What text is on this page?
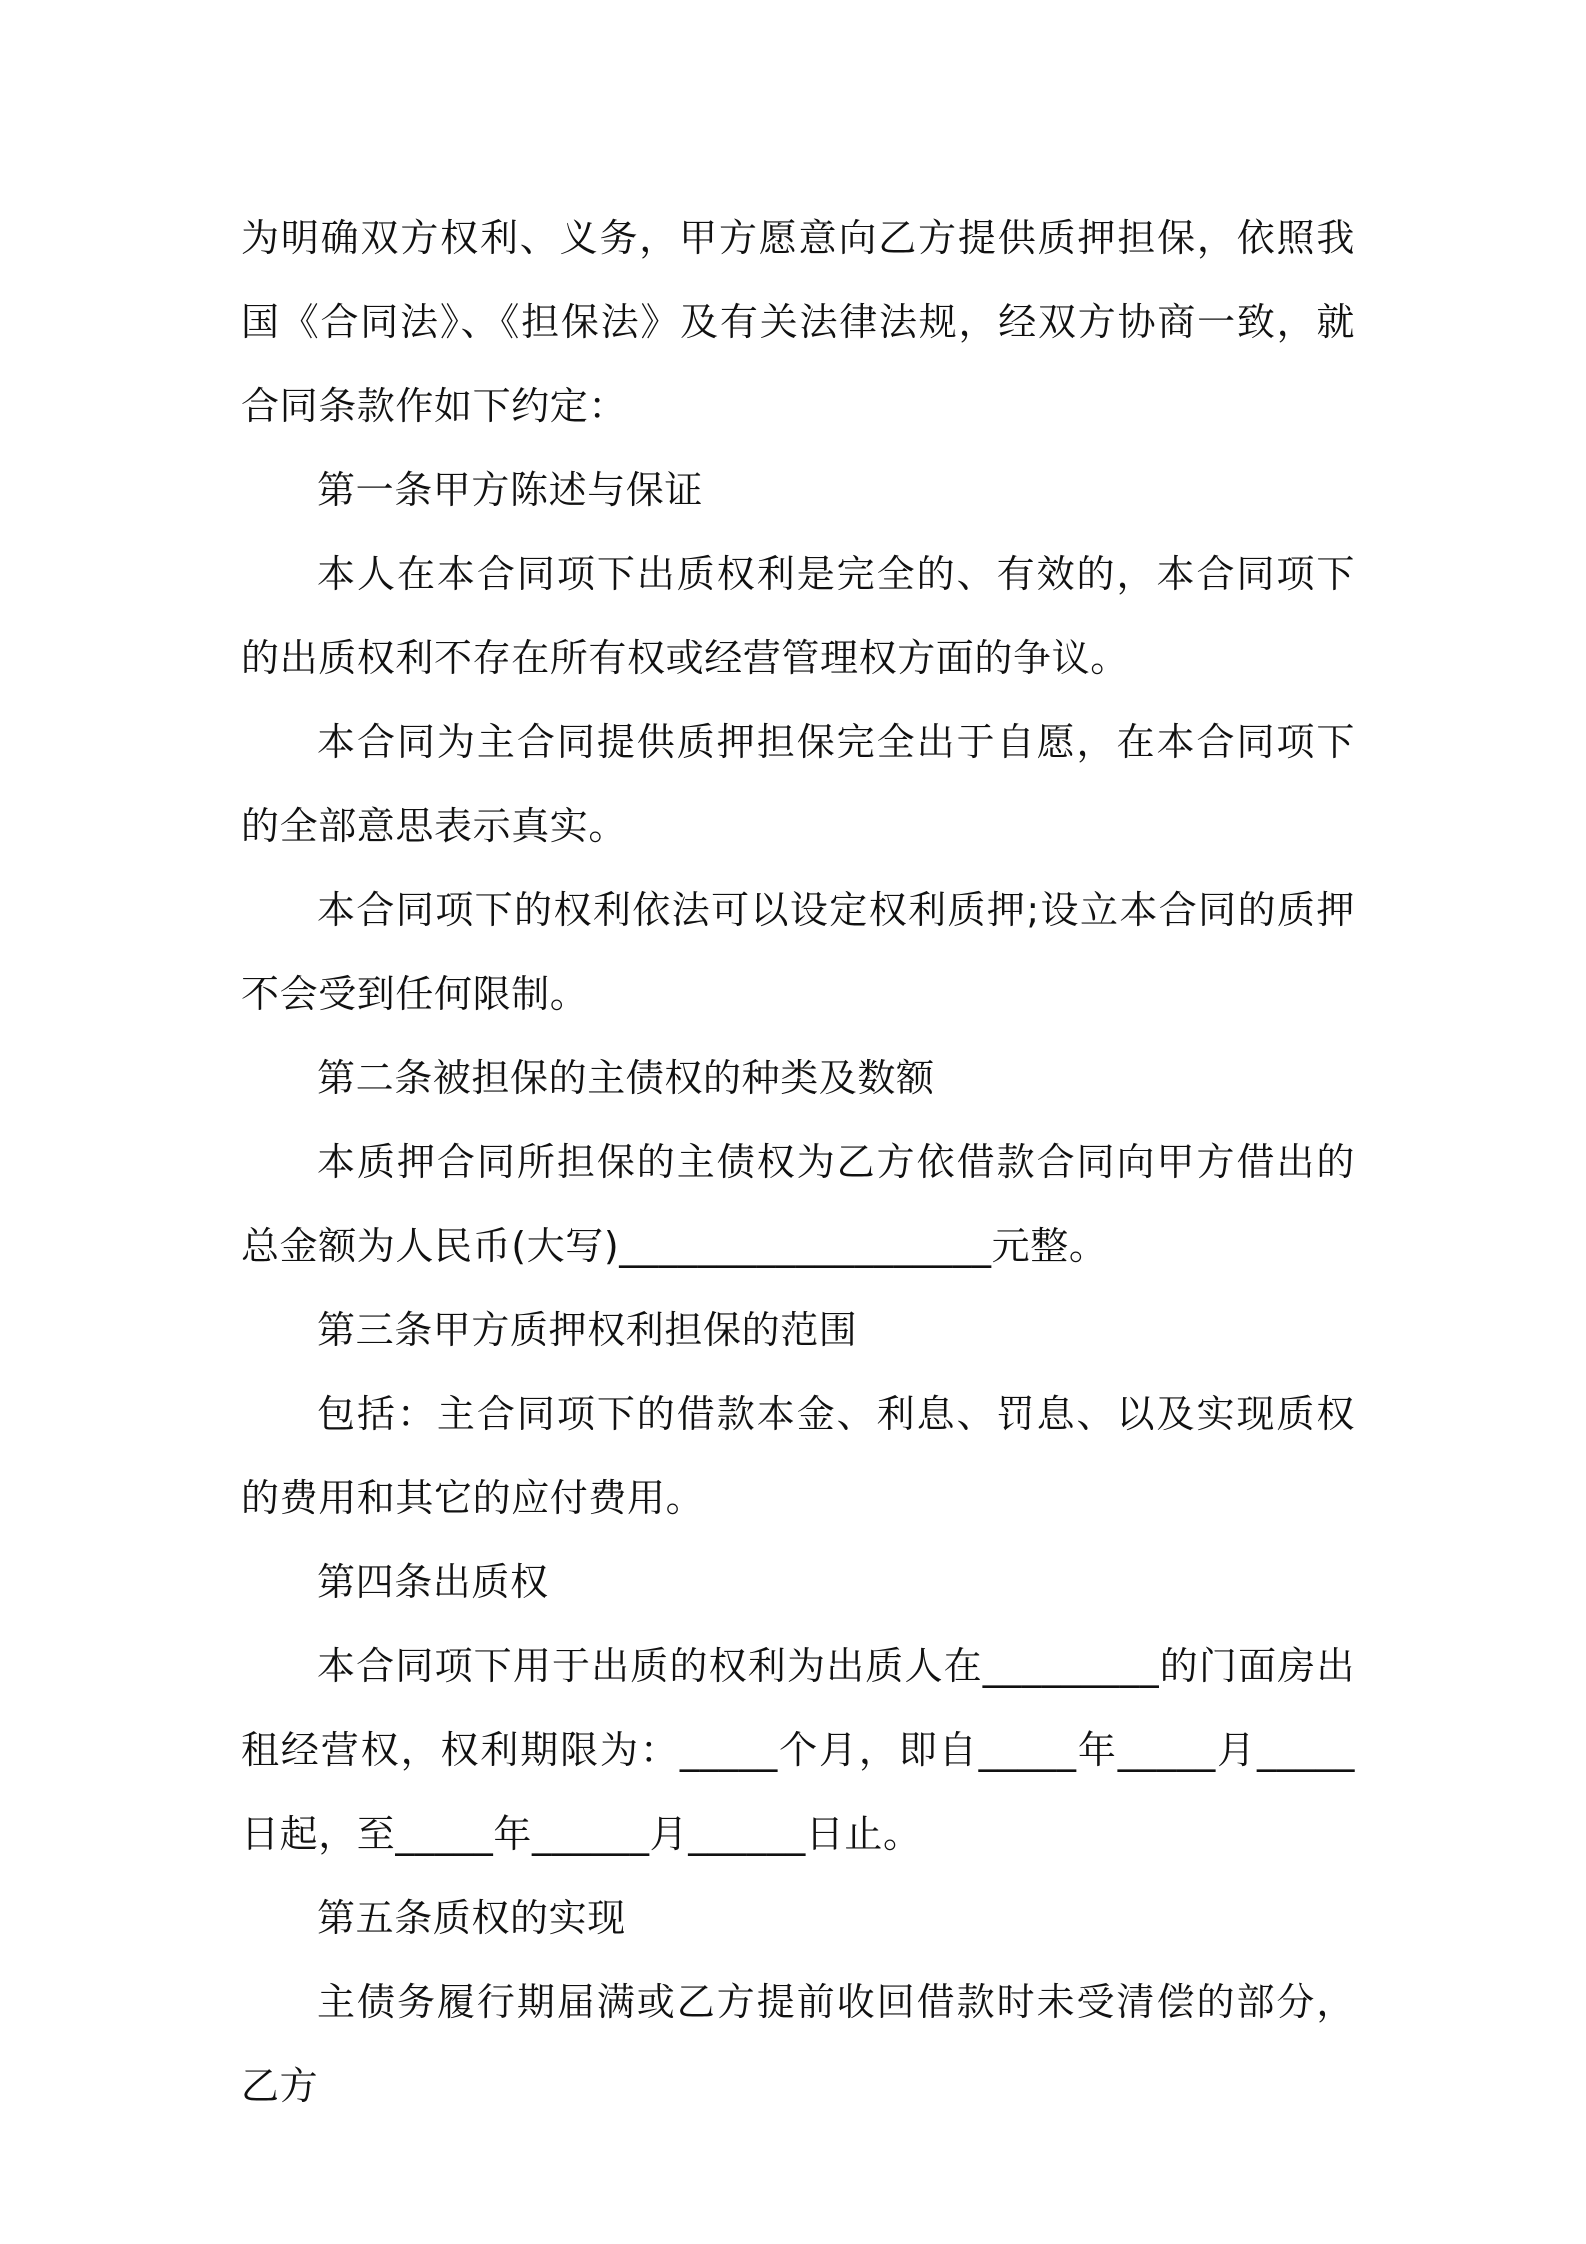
为明确双方权利、义务，甲方愿意向乙方提供质押担保，依照我国《合同法》、《担保法》及有关法律法规，经双方协商一致，就合同条款作如下约定：

第一条甲方陈述与保证

本人在本合同项下出质权利是完全的、有效的，本合同项下的出质权利不存在所有权或经营管理权方面的争议。

本合同为主合同提供质押担保完全出于自愿，在本合同项下的全部意思表示真实。

本合同项下的权利依法可以设定权利质押;设立本合同的质押不会受到任何限制。

第二条被担保的主债权的种类及数额

本质押合同所担保的主债权为乙方依借款合同向甲方借出的总金额为人民币(大写)___________________元整。

第三条甲方质押权利担保的范围

包括：主合同项下的借款本金、利息、罚息、以及实现质权的费用和其它的应付费用。

第四条出质权

本合同项下用于出质的权利为出质人在_________的门面房出租经营权，权利期限为：_____个月，即自_____年_____月_____日起，至_____年______月______日止。

第五条质权的实现

主债务履行期届满或乙方提前收回借款时未受清偿的部分，乙方
